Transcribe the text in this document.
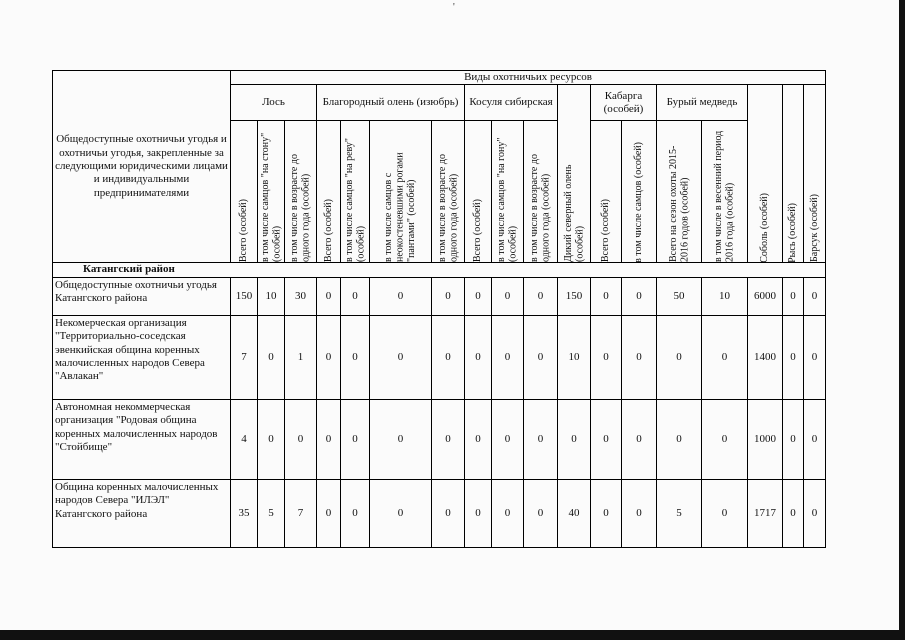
'
Общедоступные охотничьи угодья и охотничьи угодья, закрепленные за следующими юридическими лицами и индивидуальными предпринимателями	Виды охотничьих ресурсов																	
	Лось			Благородный олень (изюбрь)				Косуля сибирская			Дикий северный олень (особей)	Кабарга (особей)		Бурый медведь		Соболь (особей)	Рысь (особей)	Барсук (особей)

	Всего (особей)	в том числе самцов "на стону" (особей)	в том числе в возрасте до одного года (особей)	Всего (особей)	в том числе самцов "на реву" (особей)	в том числе самцов с неокостеневшими рогами "пантами" (особей)	в том числе в возрасте до одного года (особей)	Всего (особей)	в том числе самцов "на гону" (особей)	в том числе в возрасте до одного года (особей)		Всего (особей)	в том числе самцов (особей)	Всего на сезон охоты 2015-2016 годов (особей)	в том числе в весенний период 2016 года (особей)			

Катангский район																		
Общедоступные охотничьи угодья Катангского района	150	10	30	0	0	0	0	0	0	0	150	0	0	50	10	6000	0	0
Некомерческая организация "Территориально-соседская эвенкийская община коренных малочисленных народов Севера "Авлакан"	7	0	1	0	0	0	0	0	0	0	10	0	0	0	0	1400	0	0
Автономная некоммерческая организация "Родовая община коренных малочисленных народов "Стойбище"	4	0	0	0	0	0	0	0	0	0	0	0	0	0	0	1000	0	0
Община коренных малочисленных народов Севера "ИЛЭЛ" Катангского района	35	5	7	0	0	0	0	0	0	0	40	0	0	5	0	1717	0	0
